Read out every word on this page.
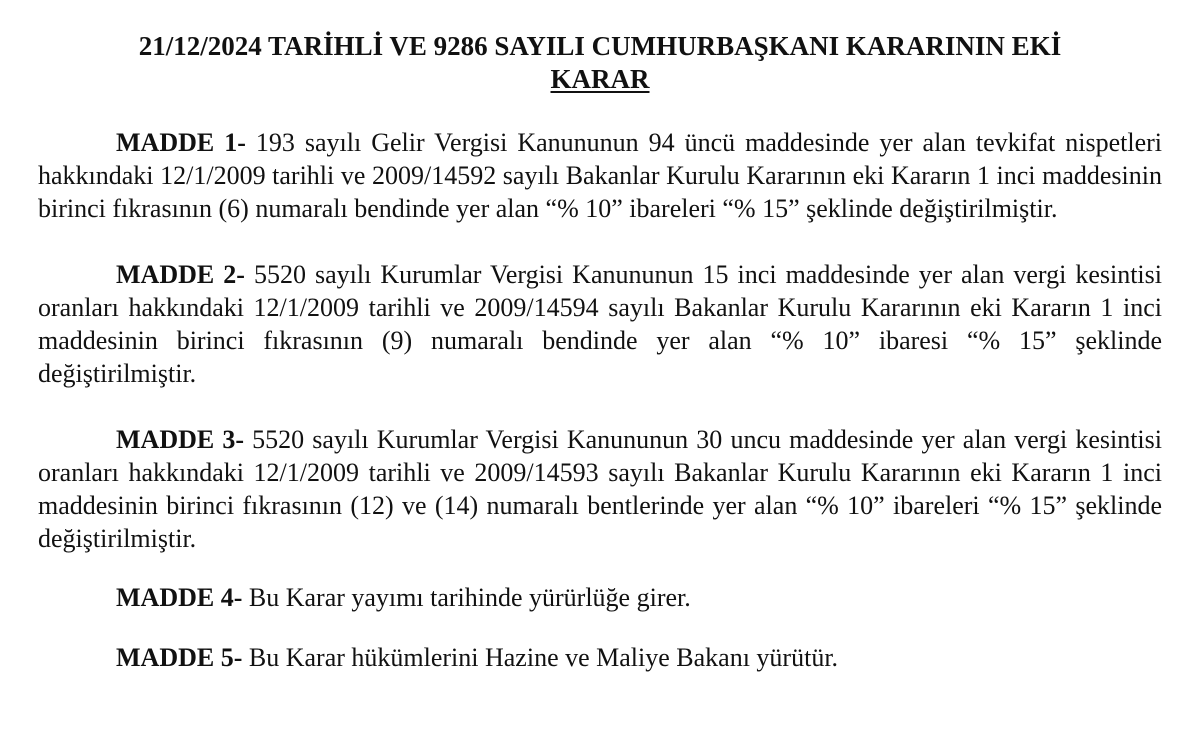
21/12/2024 TARİHLİ VE 9286 SAYILI CUMHURBAŞKANI KARARININ EKİ

KARAR

MADDE 1- 193 sayılı Gelir Vergisi Kanununun 94 üncü maddesinde yer alan tevkifat nispetleri hakkındaki 12/1/2009 tarihli ve 2009/14592 sayılı Bakanlar Kurulu Kararının eki Kararın 1 inci maddesinin birinci fıkrasının (6) numaralı bendinde yer alan “% 10” ibareleri “% 15” şeklinde değiştirilmiştir.

MADDE 2- 5520 sayılı Kurumlar Vergisi Kanununun 15 inci maddesinde yer alan vergi kesintisi oranları hakkındaki 12/1/2009 tarihli ve 2009/14594 sayılı Bakanlar Kurulu Kararının eki Kararın 1 inci maddesinin birinci fıkrasının (9) numaralı bendinde yer alan “% 10” ibaresi “% 15” şeklinde değiştirilmiştir.

MADDE 3- 5520 sayılı Kurumlar Vergisi Kanununun 30 uncu maddesinde yer alan vergi kesintisi oranları hakkındaki 12/1/2009 tarihli ve 2009/14593 sayılı Bakanlar Kurulu Kararının eki Kararın 1 inci maddesinin birinci fıkrasının (12) ve (14) numaralı bentlerinde yer alan “% 10” ibareleri “% 15” şeklinde değiştirilmiştir.

MADDE 4- Bu Karar yayımı tarihinde yürürlüğe girer.

MADDE 5- Bu Karar hükümlerini Hazine ve Maliye Bakanı yürütür.
